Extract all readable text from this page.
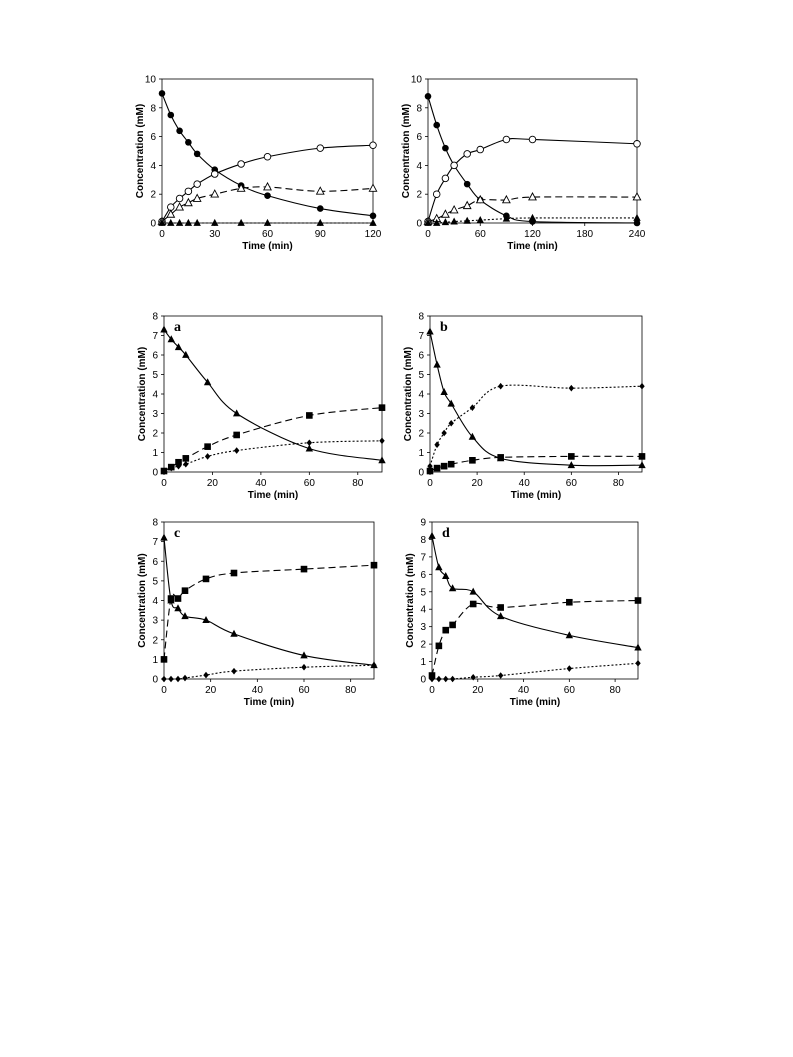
0	30	60	90	120
0
2
4
6
8
10
Time (min)
Concentration (mM)
0	60	120	180	240
0
2
4
6
8
10
Time (min)
Concentration (mM)
0	20	40	60	80
0
1
2
3
4
5
6
7
8
Time (min)
Concentration (mM)
a
0	20	40	60	80
0
1
2
3
4
5
6
7
8
Time (min)
Concentration (mM)
b
0	20	40	60	80
0
1
2
3
4
5
6
7
8
Time (min)
Concentration (mM)
c
0	20	40	60	80
0
1
2
3
4
5
6
7
8
9
Time (min)
Concentration (mM)
d
